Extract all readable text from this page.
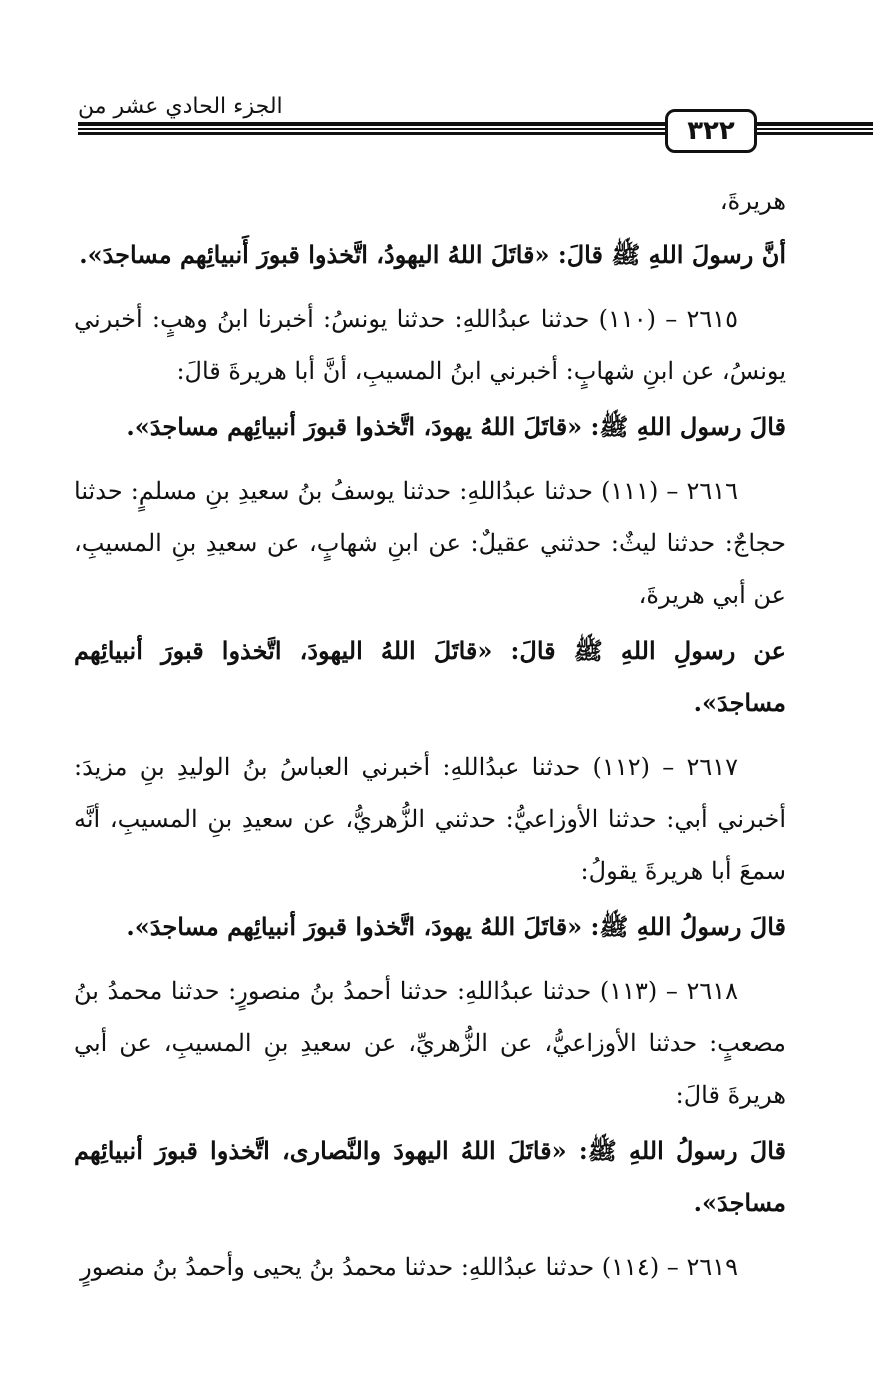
الجزء الحادي عشر من
٣٢٢

هريرةَ،

أنَّ رسولَ اللهِ ﷺ قالَ: «قاتَلَ اللهُ اليهودُ، اتَّخذوا قبورَ أَنبيائِهم مساجدَ».

٢٦١٥ – (١١٠) حدثنا عبدُاللهِ: حدثنا يونسُ: أخبرنا ابنُ وهبٍ: أخبرني يونسُ، عن ابنِ شهابٍ: أخبرني ابنُ المسيبِ، أنَّ أبا هريرةَ قالَ:

قالَ رسول اللهِ ﷺ: «قاتَلَ اللهُ يهودَ، اتَّخذوا قبورَ أنبيائِهم مساجدَ».

٢٦١٦ – (١١١) حدثنا عبدُاللهِ: حدثنا يوسفُ بنُ سعيدِ بنِ مسلمٍ: حدثنا حجاجٌ: حدثنا ليثٌ: حدثني عقيلٌ: عن ابنِ شهابٍ، عن سعيدِ بنِ المسيبِ، عن أبي هريرةَ،

عن رسولِ اللهِ ﷺ قالَ: «قاتَلَ اللهُ اليهودَ، اتَّخذوا قبورَ أنبيائِهم مساجدَ».

٢٦١٧ – (١١٢) حدثنا عبدُاللهِ: أخبرني العباسُ بنُ الوليدِ بنِ مزيدَ: أخبرني أبي: حدثنا الأوزاعيُّ: حدثني الزُّهريُّ، عن سعيدِ بنِ المسيبِ، أنَّه سمعَ أبا هريرةَ يقولُ:

قالَ رسولُ اللهِ ﷺ: «قاتَلَ اللهُ يهودَ، اتَّخذوا قبورَ أنبيائِهم مساجدَ».

٢٦١٨ – (١١٣) حدثنا عبدُاللهِ: حدثنا أحمدُ بنُ منصورٍ: حدثنا محمدُ بنُ مصعبٍ: حدثنا الأوزاعيُّ، عن الزُّهريِّ، عن سعيدِ بنِ المسيبِ، عن أبي هريرةَ قالَ:

قالَ رسولُ اللهِ ﷺ: «قاتَلَ اللهُ اليهودَ والنَّصارى، اتَّخذوا قبورَ أنبيائِهم مساجدَ».

٢٦١٩ – (١١٤) حدثنا عبدُاللهِ: حدثنا محمدُ بنُ يحيى وأحمدُ بنُ منصورٍ
